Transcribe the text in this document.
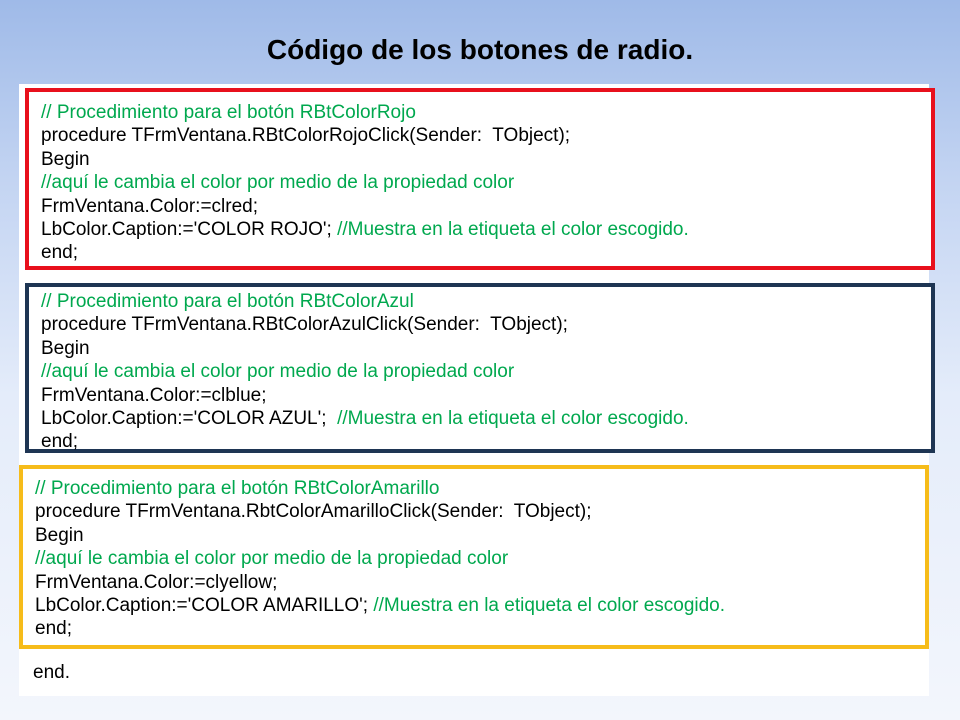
Código de los botones de radio.
// Procedimiento para el botón RBtColorRojo
procedure TFrmVentana.RBtColorRojoClick(Sender:  TObject);
Begin
//aquí le cambia el color por medio de la propiedad color
FrmVentana.Color:=clred;
LbColor.Caption:='COLOR ROJO'; //Muestra en la etiqueta el color escogido.
end;
// Procedimiento para el botón RBtColorAzul
procedure TFrmVentana.RBtColorAzulClick(Sender:  TObject);
Begin
//aquí le cambia el color por medio de la propiedad color
FrmVentana.Color:=clblue;
LbColor.Caption:='COLOR AZUL';  //Muestra en la etiqueta el color escogido.
end;
// Procedimiento para el botón RBtColorAmarillo
procedure TFrmVentana.RbtColorAmarilloClick(Sender:  TObject);
Begin
//aquí le cambia el color por medio de la propiedad color
FrmVentana.Color:=clyellow;
LbColor.Caption:='COLOR AMARILLO'; //Muestra en la etiqueta el color escogido.
end;
end.
